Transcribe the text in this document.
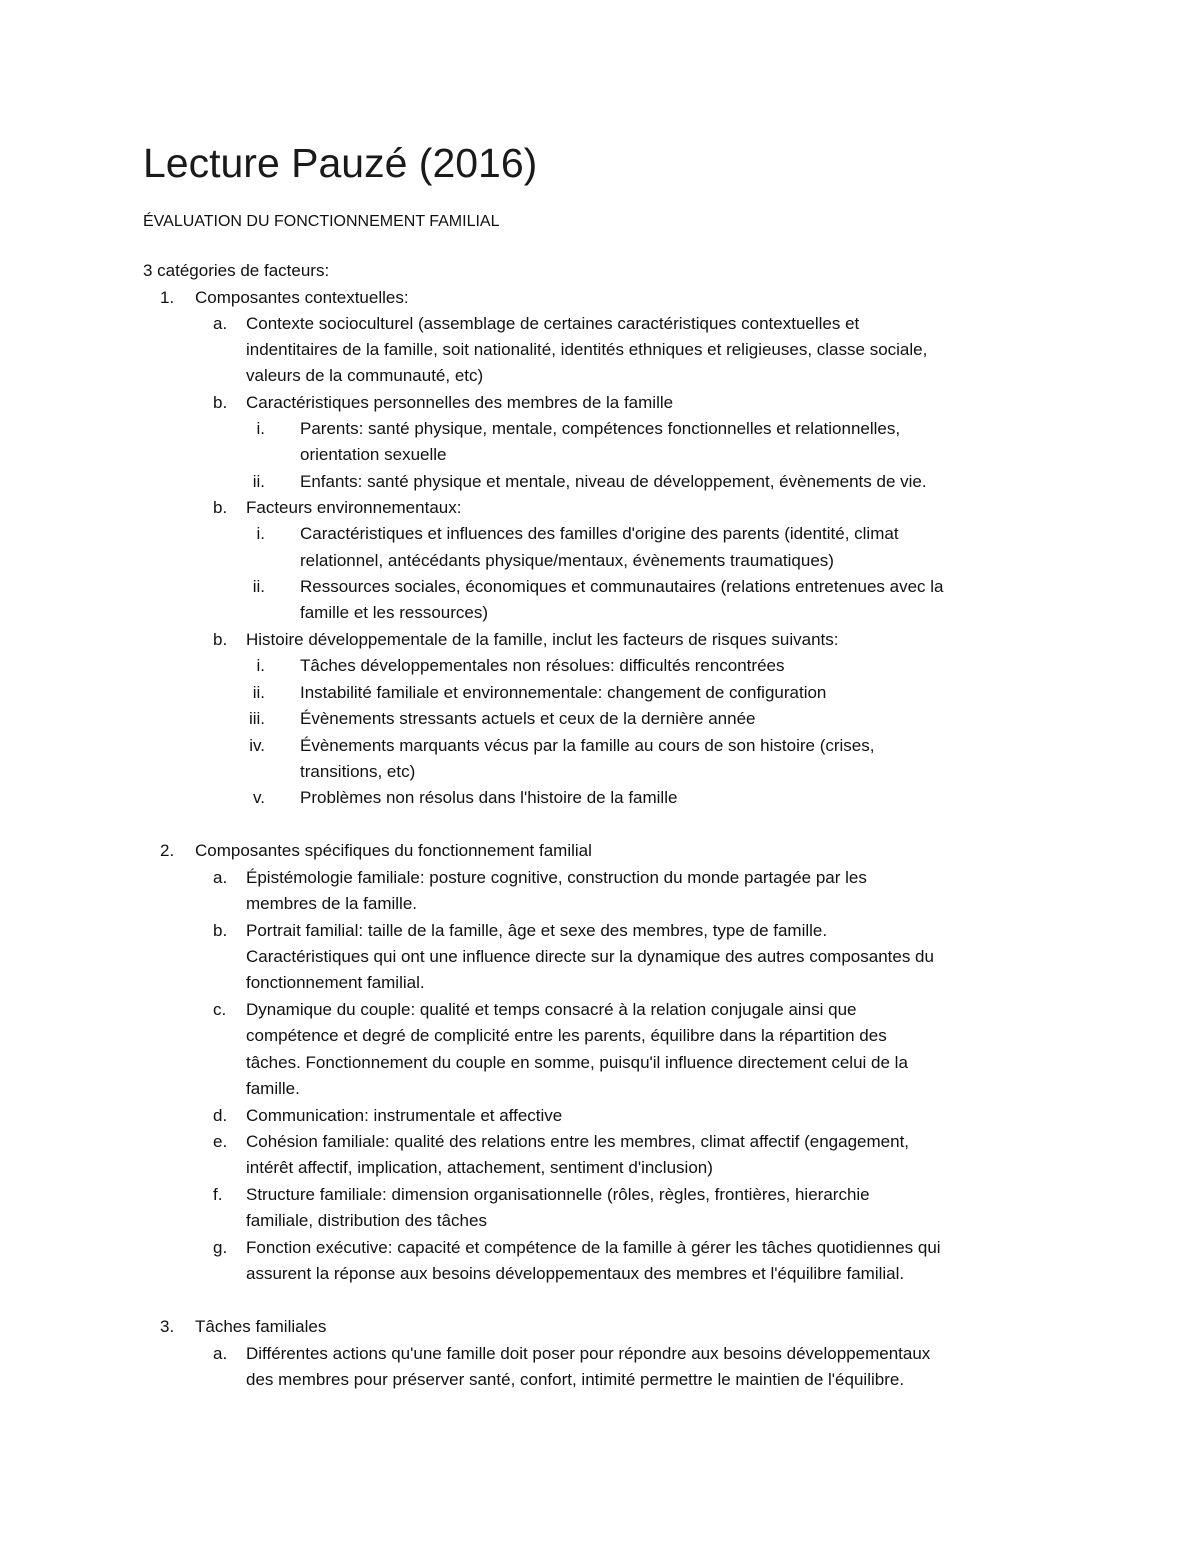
Lecture Pauzé (2016)
ÉVALUATION DU FONCTIONNEMENT FAMILIAL
3 catégories de facteurs:
1. Composantes contextuelles:
a. Contexte socioculturel (assemblage de certaines caractéristiques contextuelles et
indentitaires de la famille, soit nationalité, identités ethniques et religieuses, classe sociale,
valeurs de la communauté, etc)
b. Caractéristiques personnelles des membres de la famille
i. Parents: santé physique, mentale, compétences fonctionnelles et relationnelles,
orientation sexuelle
ii. Enfants: santé physique et mentale, niveau de développement, évènements de vie.
b. Facteurs environnementaux:
i. Caractéristiques et influences des familles d'origine des parents (identité, climat
relationnel, antécédants physique/mentaux, évènements traumatiques)
ii. Ressources sociales, économiques et communautaires (relations entretenues avec la
famille et les ressources)
b. Histoire développementale de la famille, inclut les facteurs de risques suivants:
i. Tâches développementales non résolues: difficultés rencontrées
ii. Instabilité familiale et environnementale: changement de configuration
iii. Évènements stressants actuels et ceux de la dernière année
iv. Évènements marquants vécus par la famille au cours de son histoire (crises,
transitions, etc)
v. Problèmes non résolus dans l'histoire de la famille
2. Composantes spécifiques du fonctionnement familial
a. Épistémologie familiale: posture cognitive, construction du monde partagée par les
membres de la famille.
b. Portrait familial: taille de la famille, âge et sexe des membres, type de famille.
Caractéristiques qui ont une influence directe sur la dynamique des autres composantes du
fonctionnement familial.
c. Dynamique du couple: qualité et temps consacré à la relation conjugale ainsi que
compétence et degré de complicité entre les parents, équilibre dans la répartition des
tâches. Fonctionnement du couple en somme, puisqu'il influence directement celui de la
famille.
d. Communication: instrumentale et affective
e. Cohésion familiale: qualité des relations entre les membres, climat affectif (engagement,
intérêt affectif, implication, attachement, sentiment d'inclusion)
f. Structure familiale: dimension organisationnelle (rôles, règles, frontières, hierarchie
familiale, distribution des tâches
g. Fonction exécutive: capacité et compétence de la famille à gérer les tâches quotidiennes qui
assurent la réponse aux besoins développementaux des membres et l'équilibre familial.
3. Tâches familiales
a. Différentes actions qu'une famille doit poser pour répondre aux besoins développementaux
des membres pour préserver santé, confort, intimité permettre le maintien de l'équilibre.
